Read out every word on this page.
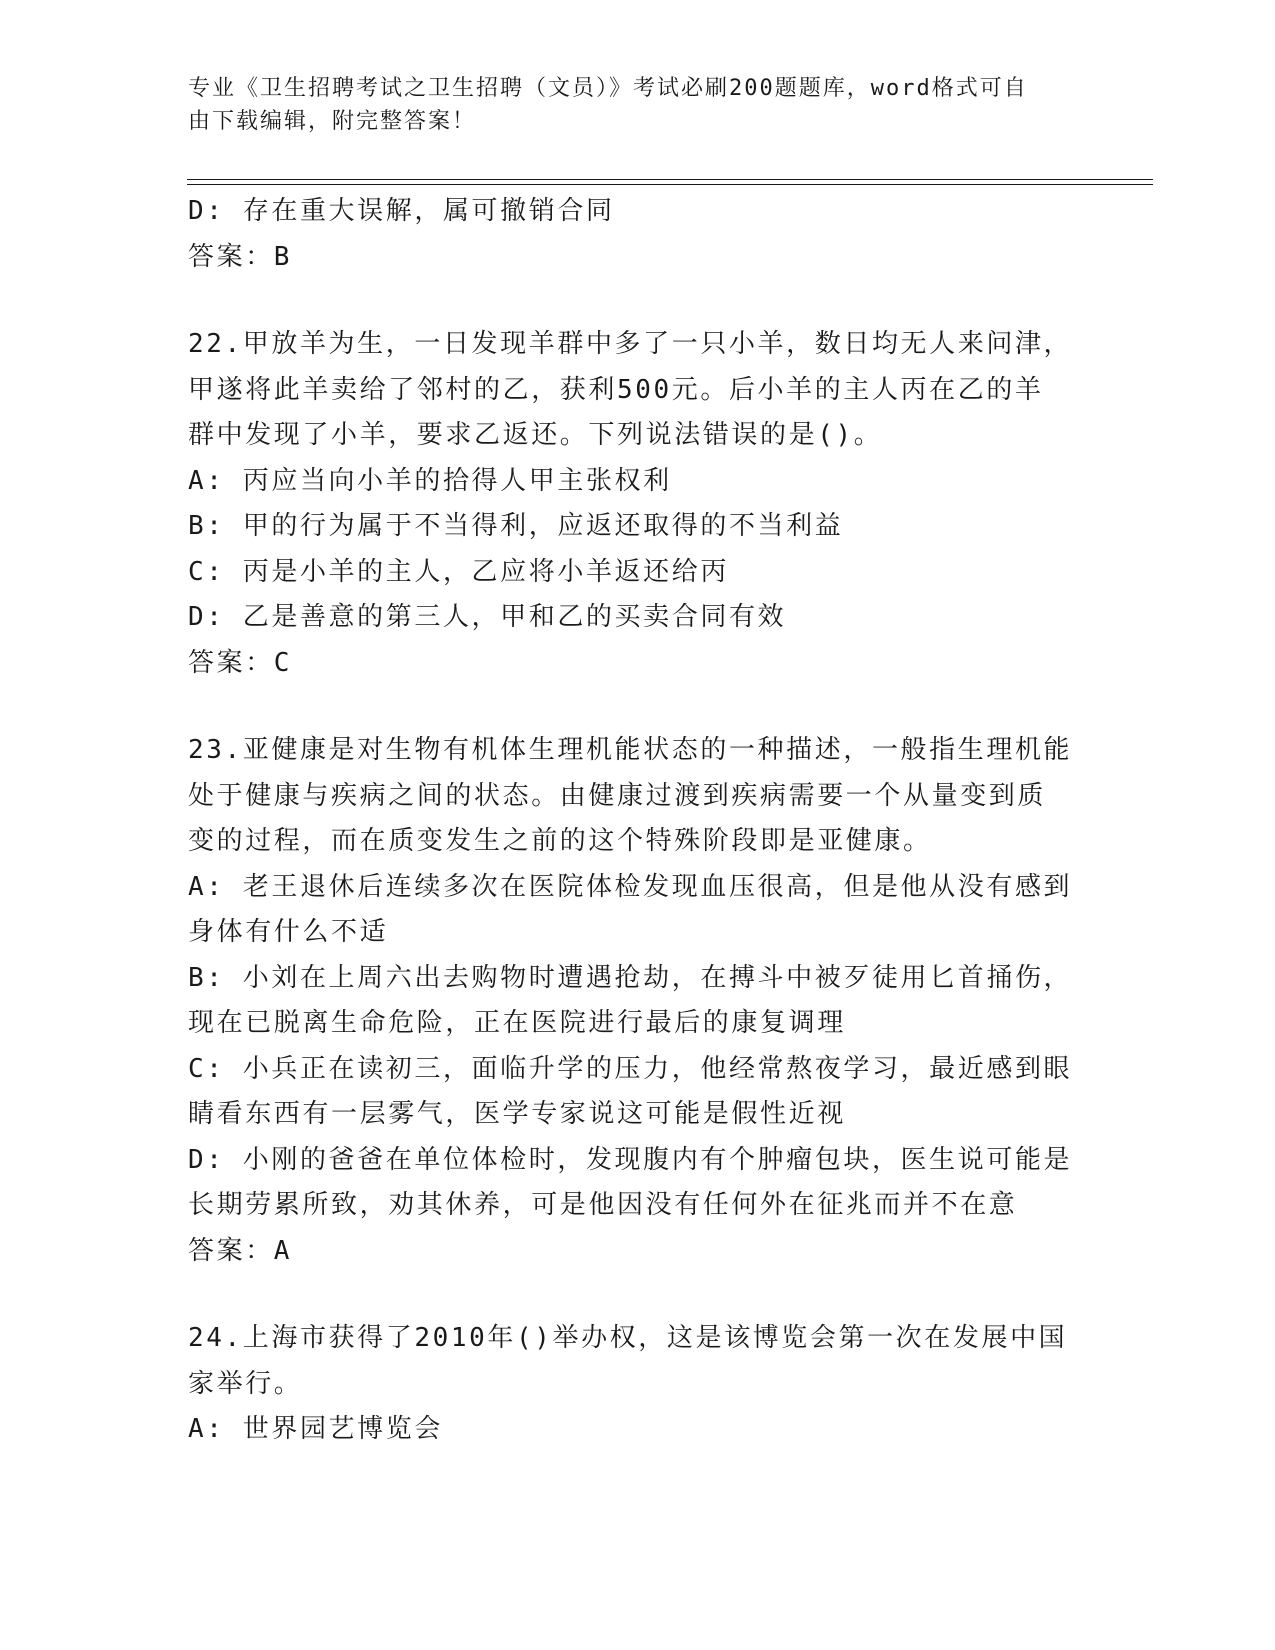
专业《卫生招聘考试之卫生招聘（文员）》考试必刷200题题库，word格式可自
由下载编辑，附完整答案！

D: 存在重大误解，属可撤销合同

答案：B

22.甲放羊为生，一日发现羊群中多了一只小羊，数日均无人来问津，

甲遂将此羊卖给了邻村的乙，获利500元。后小羊的主人丙在乙的羊

群中发现了小羊，要求乙返还。下列说法错误的是()。

A: 丙应当向小羊的拾得人甲主张权利

B: 甲的行为属于不当得利，应返还取得的不当利益

C: 丙是小羊的主人，乙应将小羊返还给丙

D: 乙是善意的第三人，甲和乙的买卖合同有效

答案：C

23.亚健康是对生物有机体生理机能状态的一种描述，一般指生理机能

处于健康与疾病之间的状态。由健康过渡到疾病需要一个从量变到质

变的过程，而在质变发生之前的这个特殊阶段即是亚健康。

A: 老王退休后连续多次在医院体检发现血压很高，但是他从没有感到

身体有什么不适

B: 小刘在上周六出去购物时遭遇抢劫，在搏斗中被歹徒用匕首捅伤，

现在已脱离生命危险，正在医院进行最后的康复调理

C: 小兵正在读初三，面临升学的压力，他经常熬夜学习，最近感到眼

睛看东西有一层雾气，医学专家说这可能是假性近视

D: 小刚的爸爸在单位体检时，发现腹内有个肿瘤包块，医生说可能是

长期劳累所致，劝其休养，可是他因没有任何外在征兆而并不在意

答案：A

24.上海市获得了2010年()举办权，这是该博览会第一次在发展中国

家举行。

A: 世界园艺博览会
